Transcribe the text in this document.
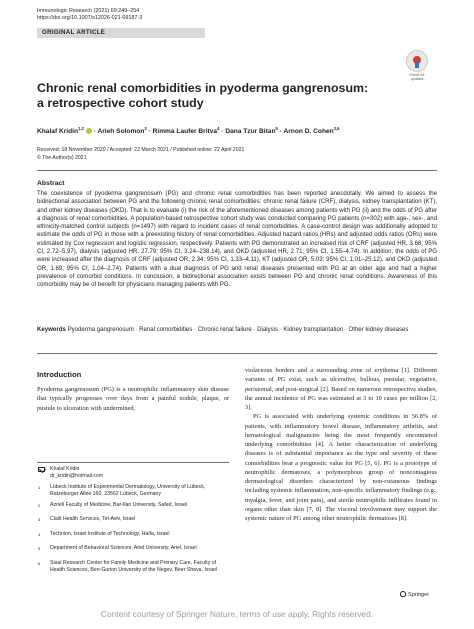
Immunologic Research (2021) 69:249–254
https://doi.org/10.1007/s12026-021-09187-3
ORIGINAL ARTICLE
Check for
updates
Chronic renal comorbidities in pyoderma gangrenosum:
a retrospective cohort study
Khalaf Kridin$^{1,2}$ · Arieh Solomon$^3$ · Rimma Laufer Britva$^4$ · Dana Tzur Bitan$^5$ · Arnon D. Cohen$^{3,6}$
Received: 18 November 2020 / Accepted: 22 March 2021 / Published online: 22 April 2021
© The Author(s) 2021
Abstract
The coexistence of pyoderma gangrenosum (PG) and chronic renal comorbidities has been reported anecdotally. We aimed to assess the bidirectional association between PG and the following chronic renal comorbidities: chronic renal failure (CRF), dialysis, kidney transplantation (KT), and other kidney diseases (OKD). That is to evaluate (i) the risk of the aforementioned diseases among patients with PG (ii) and the odds of PG after a diagnosis of renal comorbidities. A population-based retrospective cohort study was conducted comparing PG patients (n=302) with age-, sex-, and ethnicity-matched control subjects (n=1497) with regard to incident cases of renal comorbidities. A case-control design was additionally adopted to estimate the odds of PG in those with a preexisting history of renal comorbidities. Adjusted hazard ratios (HRs) and adjusted odds ratios (ORs) were estimated by Cox regression and logistic regression, respectively. Patients with PG demonstrated an increased risk of CRF (adjusted HR, 3.68; 95% CI, 2.72–5.97), dialysis (adjusted HR, 27.79; 95% CI, 3.24–238.14), and OKD (adjusted HR, 2.71; 95% CI, 1.55–4.74). In addition, the odds of PG were increased after the diagnosis of CRF (adjusted OR, 2.34; 95% CI, 1.33–4.11), KT (adjusted OR, 5.03; 95% CI, 1.01–25.12), and OKD (adjusted OR, 1.69; 95% CI, 1.04–2.74). Patients with a dual diagnosis of PG and renal diseases presented with PG at an older age and had a higher prevalence of comorbid conditions. In conclusion, a bidirectional association exists between PG and chronic renal conditions. Awareness of this comorbidity may be of benefit for physicians managing patients with PG.
Keywords Pyoderma gangrenosum · Renal comorbidities · Chronic renal failure · Dialysis · Kidney transplantation · Other kidney diseases
Introduction

Pyoderma gangrenosum (PG) is a neutrophilic inflammatory skin disease that typically progresses over days from a painful nodule, plaque, or pustule to ulceration with undermined,

violaceous borders and a surrounding zone of erythema [1]. Different variants of PG exist, such as ulcerative, bullous, pustular, vegetative, peristomal, and post-surgical [2]. Based on numerous retrospective studies, the annual incidence of PG was estimated at 3 to 10 cases per million [2, 3].

PG is associated with underlying systemic conditions in 56.8% of patients, with inflammatory bowel disease, inflammatory arthritis, and hematological malignancies being the most frequently encountered underlying comorbidities [4]. A better characterization of underlying diseases is of substantial importance as the type and severity of these comorbidities bear a prognostic value for PG [5, 6]. PG is a prototype of neutrophilic dermatoses, a polymorphous group of noncontagious dermatological disorders characterized by non-cutaneous findings including systemic inflammation, non-specific inflammatory findings (e.g., myalgia, fever, and joint pain), and sterile neutrophilic infiltrates found in organs other than skin [7, 8]. The visceral involvement may support the systemic nature of PG among other neutrophilic dermatoses [8].

Khalaf Kridin
dr_kridin@hotmail.com
$^1$	Lübeck Institute of Experimental Dermatology, University of Lübeck, Ratzeburger Allee 160, 23562 Lübeck, Germany
$^2$	Azrieli Faculty of Medicine, Bar-Ilan University, Safed, Israel
$^3$	Clalit Health Services, Tel-Aviv, Israel
$^4$	Technion, Israel Institute of Technology, Haifa, Israel
$^5$	Department of Behavioral Sciences, Ariel University, Ariel, Israel
$^6$	Siaal Research Center for Family Medicine and Primary Care, Faculty of Health Sciences, Ben-Gurion University of the Negev, Beer Sheva, Israel
Springer
Content courtesy of Springer Nature, terms of use apply. Rights reserved.
